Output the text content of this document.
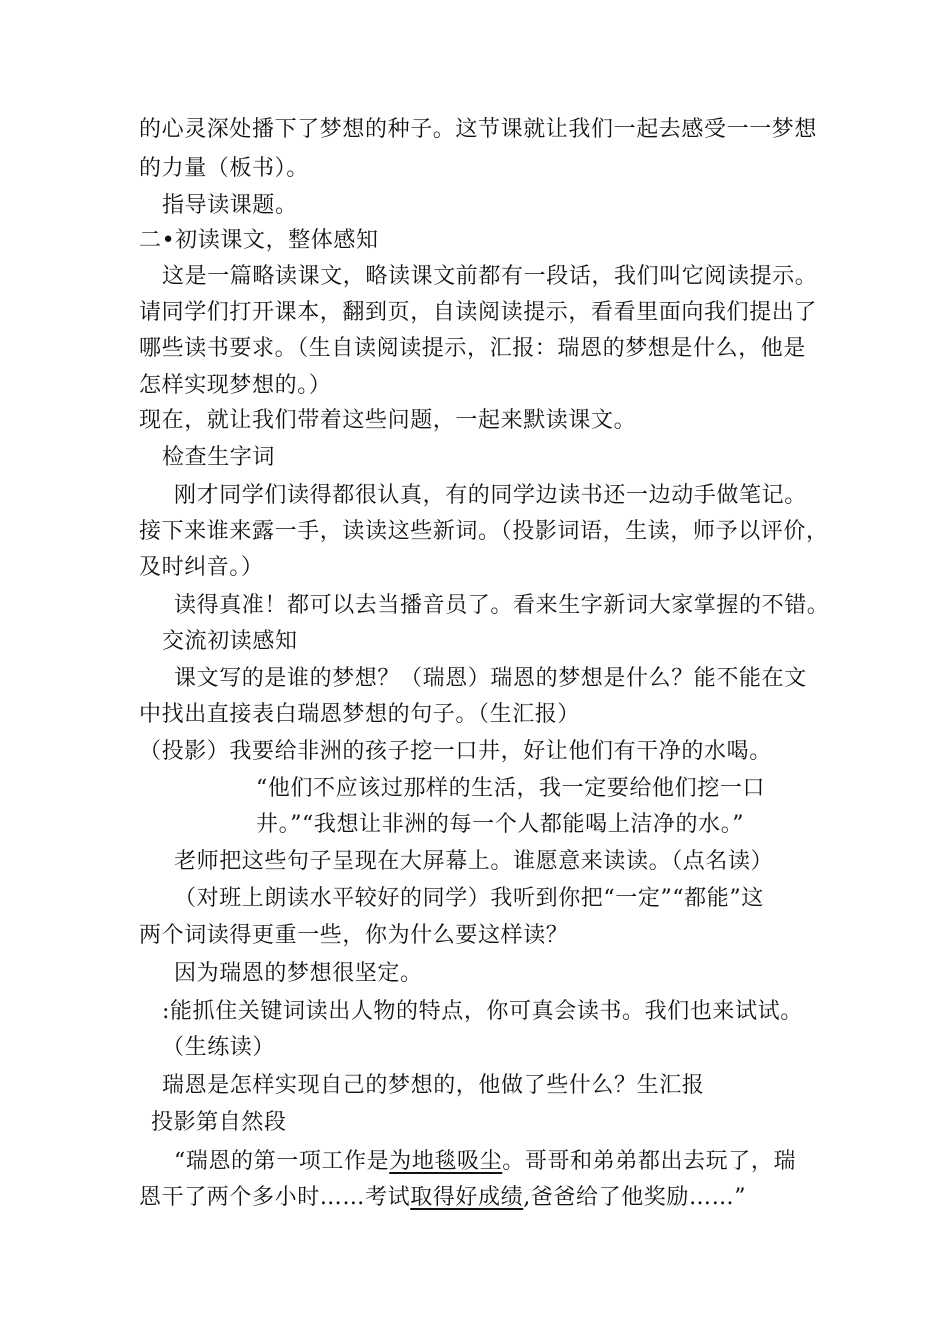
的心灵深处播下了梦想的种子。这节课就让我们一起去感受一一梦想
的力量（板书）。
指导读课题。
二•初读课文，整体感知
这是一篇略读课文，略读课文前都有一段话，我们叫它阅读提示。
请同学们打开课本，翻到页，自读阅读提示，看看里面向我们提出了
哪些读书要求。（生自读阅读提示，汇报：瑞恩的梦想是什么，他是
怎样实现梦想的。）
现在，就让我们带着这些问题，一起来默读课文。
检查生字词
刚才同学们读得都很认真，有的同学边读书还一边动手做笔记。
接下来谁来露一手，读读这些新词。（投影词语，生读，师予以评价，
及时纠音。）
读得真准！都可以去当播音员了。看来生字新词大家掌握的不错。
交流初读感知
课文写的是谁的梦想？（瑞恩）瑞恩的梦想是什么？能不能在文
中找出直接表白瑞恩梦想的句子。（生汇报）
（投影）我要给非洲的孩子挖一口井，好让他们有干净的水喝。
“他们不应该过那样的生活，我一定要给他们挖一口
井。”“我想让非洲的每一个人都能喝上洁净的水。”
老师把这些句子呈现在大屏幕上。谁愿意来读读。（点名读）
（对班上朗读水平较好的同学）我听到你把“一定”“都能”这
两个词读得更重一些，你为什么要这样读？
因为瑞恩的梦想很坚定。
:能抓住关键词读出人物的特点，你可真会读书。我们也来试试。
（生练读）
瑞恩是怎样实现自己的梦想的，他做了些什么？生汇报
投影第自然段
“瑞恩的第一项工作是为地毯吸尘。哥哥和弟弟都出去玩了，瑞
恩干了两个多小时……考试取得好成绩,爸爸给了他奖励……”
